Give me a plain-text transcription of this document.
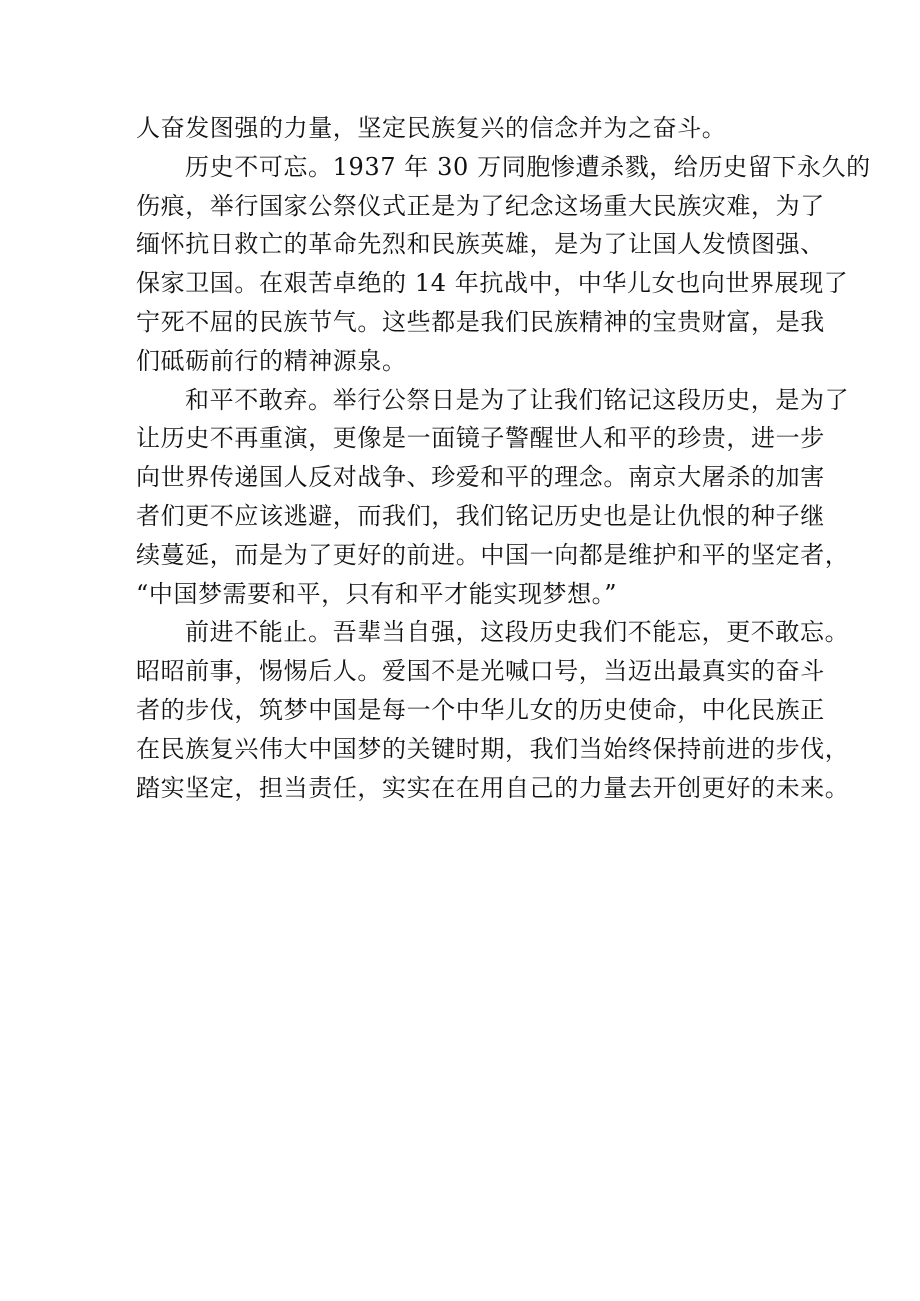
人奋发图强的力量，坚定民族复兴的信念并为之奋斗。
历史不可忘。1937 年 30 万同胞惨遭杀戮，给历史留下永久的
伤痕，举行国家公祭仪式正是为了纪念这场重大民族灾难，为了
缅怀抗日救亡的革命先烈和民族英雄，是为了让国人发愤图强、
保家卫国。在艰苦卓绝的 14 年抗战中，中华儿女也向世界展现了
宁死不屈的民族节气。这些都是我们民族精神的宝贵财富，是我
们砥砺前行的精神源泉。
和平不敢弃。举行公祭日是为了让我们铭记这段历史，是为了
让历史不再重演，更像是一面镜子警醒世人和平的珍贵，进一步
向世界传递国人反对战争、珍爱和平的理念。南京大屠杀的加害
者们更不应该逃避，而我们，我们铭记历史也是让仇恨的种子继
续蔓延，而是为了更好的前进。中国一向都是维护和平的坚定者，
“中国梦需要和平，只有和平才能实现梦想。”
前进不能止。吾辈当自强，这段历史我们不能忘，更不敢忘。
昭昭前事，惕惕后人。爱国不是光喊口号，当迈出最真实的奋斗
者的步伐，筑梦中国是每一个中华儿女的历史使命，中化民族正
在民族复兴伟大中国梦的关键时期，我们当始终保持前进的步伐，
踏实坚定，担当责任，实实在在用自己的力量去开创更好的未来。
